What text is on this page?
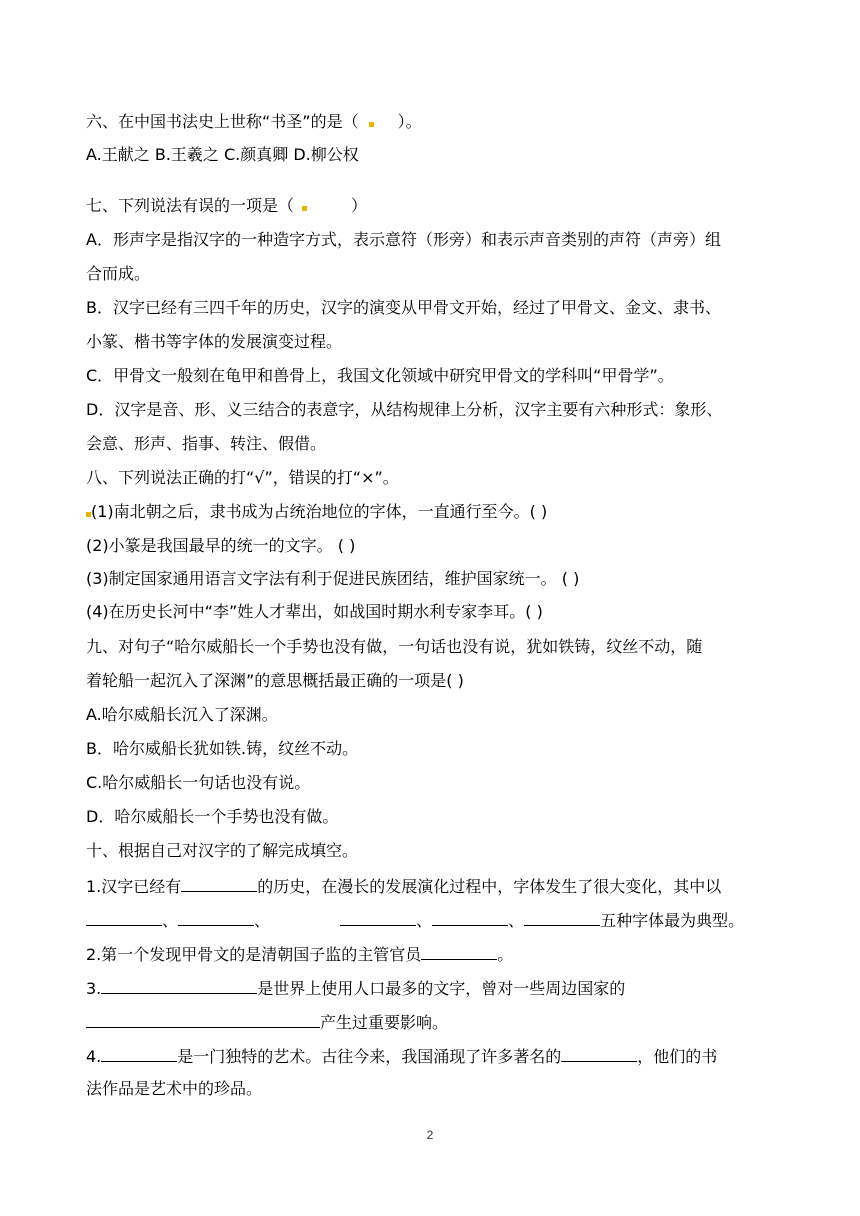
六、在中国书法史上世称“书圣”的是（ ）。
A.王献之 B.王羲之 C.颜真卿 D.柳公权
七、下列说法有误的一项是（	）
A．形声字是指汉字的一种造字方式，表示意符（形旁）和表示声音类别的声符（声旁）组
合而成。
B．汉字已经有三四千年的历史，汉字的演变从甲骨文开始，经过了甲骨文、金文、隶书、
小篆、楷书等字体的发展演变过程。
C．甲骨文一般刻在龟甲和兽骨上，我国文化领域中研究甲骨文的学科叫“甲骨学”。
D．汉字是音、形、义三结合的表意字，从结构规律上分析，汉字主要有六种形式：象形、
会意、形声、指事、转注、假借。
八、下列说法正确的打“√”，错误的打“×”。
(1)南北朝之后，隶书成为占统治地位的字体，一直通行至今。( )
(2)小篆是我国最早的统一的文字。 ( )
(3)制定国家通用语言文字法有利于促进民族团结，维护国家统一。 ( )
(4)在历史长河中“李”姓人才辈出，如战国时期水利专家李耳。( )
九、对句子“哈尔威船长一个手势也没有做，一句话也没有说，犹如铁铸，纹丝不动，随
着轮船一起沉入了深渊”的意思概括最正确的一项是( )
A.哈尔威船长沉入了深渊。
B．哈尔威船长犹如铁.铸，纹丝不动。
C.哈尔威船长一句话也没有说。
D．哈尔威船长一个手势也没有做。
十、根据自己对汉字的了解完成填空。
1.汉字已经有	的历史，在漫长的发展演化过程中，字体发生了很大变化，其中以
、	、	、	、	五种字体最为典型。
2.第一个发现甲骨文的是清朝国子监的主管官员	。
3.	是世界上使用人口最多的文字，曾对一些周边国家的
产生过重要影响。
4.	是一门独特的艺术。古往今来，我国涌现了许多著名的	，他们的书
法作品是艺术中的珍品。
2
